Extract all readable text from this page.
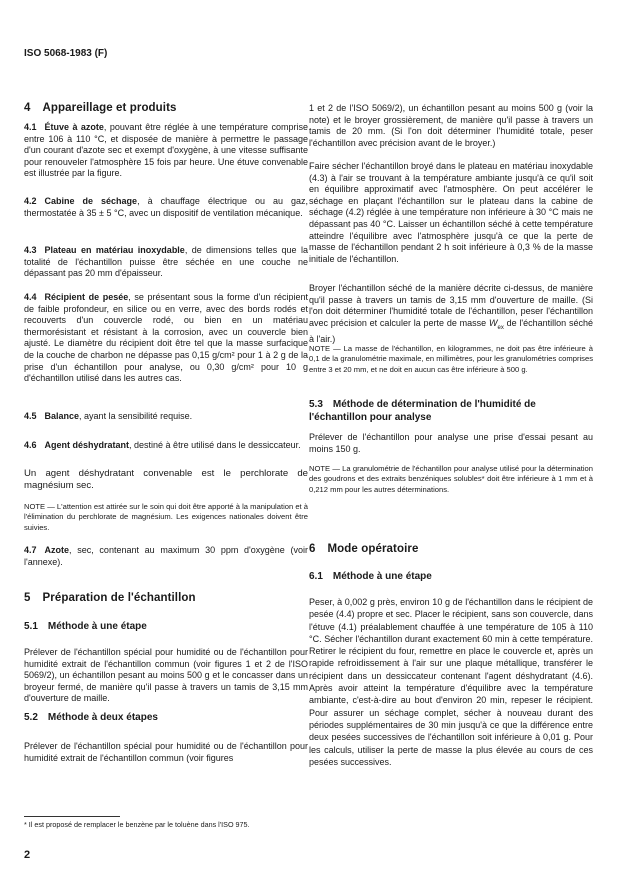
ISO 5068-1983 (F)
4 Appareillage et produits
4.1 Étuve à azote, pouvant être réglée à une température comprise entre 106 à 110 °C, et disposée de manière à permettre le passage d'un courant d'azote sec et exempt d'oxygène, à une vitesse suffisante pour renouveler l'atmosphère 15 fois par heure. Une étuve convenable est illustrée par la figure.
4.2 Cabine de séchage, à chauffage électrique ou au gaz, thermostatée à 35 ± 5 °C, avec un dispositif de ventilation mécanique.
4.3 Plateau en matériau inoxydable, de dimensions telles que la totalité de l'échantillon puisse être séchée en une couche ne dépassant pas 20 mm d'épaisseur.
4.4 Récipient de pesée, se présentant sous la forme d'un récipient de faible profondeur, en silice ou en verre, avec des bords rodés et recouverts d'un couvercle rodé, ou bien en un matériau thermorésistant et résistant à la corrosion, avec un couvercle bien ajusté. Le diamètre du récipient doit être tel que la masse surfacique de la couche de charbon ne dépasse pas 0,15 g/cm² pour 1 à 2 g de la prise d'un échantillon pour analyse, ou 0,30 g/cm² pour 10 g d'échantillon utilisé dans les autres cas.
4.5 Balance, ayant la sensibilité requise.
4.6 Agent déshydratant, destiné à être utilisé dans le dessiccateur.
Un agent déshydratant convenable est le perchlorate de magnésium sec.
NOTE — L'attention est attirée sur le soin qui doit être apporté à la manipulation et à l'élimination du perchlorate de magnésium. Les exigences nationales doivent être suivies.
4.7 Azote, sec, contenant au maximum 30 ppm d'oxygène (voir l'annexe).
5 Préparation de l'échantillon
5.1 Méthode à une étape
Prélever de l'échantillon spécial pour humidité ou de l'échantillon pour humidité extrait de l'échantillon commun (voir figures 1 et 2 de l'ISO 5069/2), un échantillon pesant au moins 500 g et le concasser dans un broyeur fermé, de manière qu'il passe à travers un tamis de 3,15 mm d'ouverture de maille.
5.2 Méthode à deux étapes
Prélever de l'échantillon spécial pour humidité ou de l'échantillon pour humidité extrait de l'échantillon commun (voir figures
* Il est proposé de remplacer le benzène par le toluène dans l'ISO 975.
2
1 et 2 de l'ISO 5069/2), un échantillon pesant au moins 500 g (voir la note) et le broyer grossièrement, de manière qu'il passe à travers un tamis de 20 mm. (Si l'on doit déterminer l'humidité totale, peser l'échantillon avec précision avant de le broyer.)
Faire sécher l'échantillon broyé dans le plateau en matériau inoxydable (4.3) à l'air se trouvant à la température ambiante jusqu'à ce qu'il soit en équilibre approximatif avec l'atmosphère. On peut accélérer le séchage en plaçant l'échantillon sur le plateau dans la cabine de séchage (4.2) réglée à une température non inférieure à 30 °C mais ne dépassant pas 40 °C. Laisser un échantillon séché à cette température atteindre l'équilibre avec l'atmosphère jusqu'à ce que la perte de masse de l'échantillon pendant 2 h soit inférieure à 0,3 % de la masse initiale de l'échantillon.
Broyer l'échantillon séché de la manière décrite ci-dessus, de manière qu'il passe à travers un tamis de 3,15 mm d'ouverture de maille. (Si l'on doit déterminer l'humidité totale de l'échantillon, peser l'échantillon avec précision et calculer la perte de masse $W_{ex}$ de l'échantillon séché à l'air.)
NOTE — La masse de l'échantillon, en kilogrammes, ne doit pas être inférieure à 0,1 de la granulométrie maximale, en millimètres, pour les granulométries comprises entre 3 et 20 mm, et ne doit en aucun cas être inférieure à 500 g.
5.3 Méthode de détermination de l'humidité de l'échantillon pour analyse
Prélever de l'échantillon pour analyse une prise d'essai pesant au moins 150 g.
NOTE — La granulométrie de l'échantillon pour analyse utilisé pour la détermination des goudrons et des extraits benzéniques solubles* doit être inférieure à 1 mm et à 0,212 mm pour les autres déterminations.
6 Mode opératoire
6.1 Méthode à une étape
Peser, à 0,002 g près, environ 10 g de l'échantillon dans le récipient de pesée (4.4) propre et sec. Placer le récipient, sans son couvercle, dans l'étuve (4.1) préalablement chauffée à une température de 105 à 110 °C. Sécher l'échantillon durant exactement 60 min à cette température. Retirer le récipient du four, remettre en place le couvercle et, après un rapide refroidissement à l'air sur une plaque métallique, transférer le récipient dans un dessiccateur contenant l'agent déshydratant (4.6). Après avoir atteint la température d'équilibre avec la température ambiante, c'est-à-dire au bout d'environ 20 min, repeser le récipient. Pour assurer un séchage complet, sécher à nouveau durant des périodes supplémentaires de 30 min jusqu'à ce que la différence entre deux pesées successives de l'échantillon soit inférieure à 0,01 g. Pour les calculs, utiliser la perte de masse la plus élevée au cours de ces pesées successives.
